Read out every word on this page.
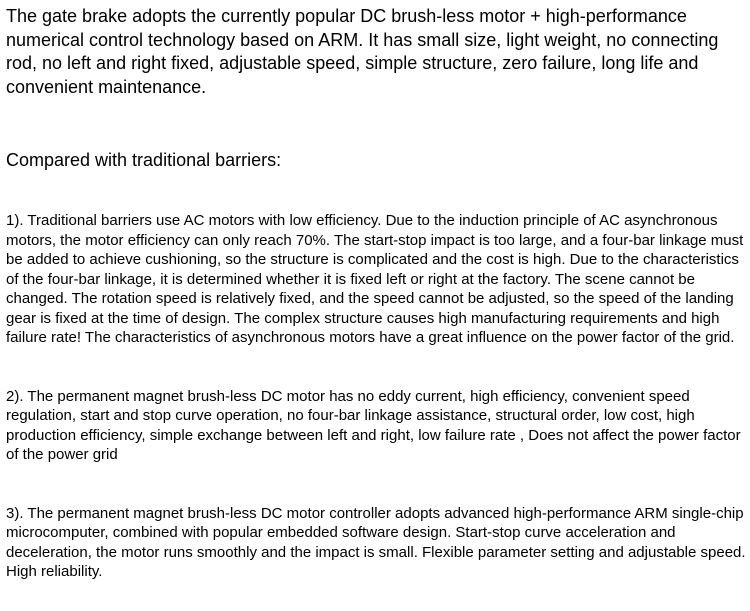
The gate brake adopts the currently popular DC brush-less motor + high-performance numerical control technology based on ARM. It has small size, light weight, no connecting rod, no left and right fixed, adjustable speed, simple structure, zero failure, long life and convenient maintenance.

Compared with traditional barriers:

1). Traditional barriers use AC motors with low efficiency. Due to the induction principle of AC asynchronous motors, the motor efficiency can only reach 70%. The start-stop impact is too large, and a four-bar linkage must be added to achieve cushioning, so the structure is complicated and the cost is high. Due to the characteristics of the four-bar linkage, it is determined whether it is fixed left or right at the factory. The scene cannot be changed. The rotation speed is relatively fixed, and the speed cannot be adjusted, so the speed of the landing gear is fixed at the time of design. The complex structure causes high manufacturing requirements and high failure rate! The characteristics of asynchronous motors have a great influence on the power factor of the grid.

2). The permanent magnet brush-less DC motor has no eddy current, high efficiency, convenient speed regulation, start and stop curve operation, no four-bar linkage assistance, structural order, low cost, high production efficiency, simple exchange between left and right, low failure rate , Does not affect the power factor of the power grid

3). The permanent magnet brush-less DC motor controller adopts advanced high-performance ARM single-chip microcomputer, combined with popular embedded software design. Start-stop curve acceleration and deceleration, the motor runs smoothly and the impact is small. Flexible parameter setting and adjustable speed. High reliability.
